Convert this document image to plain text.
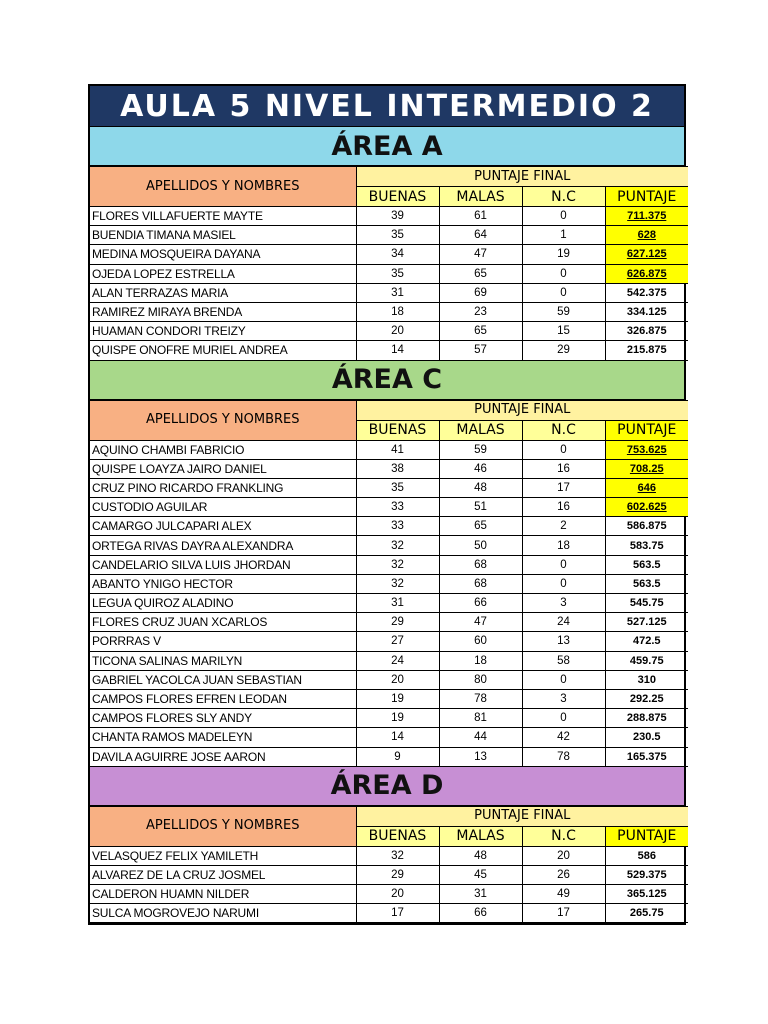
AULA 5 NIVEL INTERMEDIO 2
ÁREA A
APELLIDOS Y NOMBRES	PUNTAJE FINAL			
	BUENAS	MALAS	N.C	PUNTAJE
FLORES VILLAFUERTE MAYTE	39	61	0	711.375
BUENDIA TIMANA MASIEL	35	64	1	628
MEDINA MOSQUEIRA DAYANA	34	47	19	627.125
OJEDA LOPEZ ESTRELLA	35	65	0	626.875
ALAN TERRAZAS MARIA	31	69	0	542.375
RAMIREZ MIRAYA BRENDA	18	23	59	334.125
HUAMAN CONDORI TREIZY	20	65	15	326.875
QUISPE ONOFRE MURIEL ANDREA	14	57	29	215.875
ÁREA C
APELLIDOS Y NOMBRES	PUNTAJE FINAL			
	BUENAS	MALAS	N.C	PUNTAJE
AQUINO CHAMBI FABRICIO	41	59	0	753.625
QUISPE LOAYZA JAIRO DANIEL	38	46	16	708.25
CRUZ PINO RICARDO FRANKLING	35	48	17	646
CUSTODIO AGUILAR	33	51	16	602.625
CAMARGO JULCAPARI ALEX	33	65	2	586.875
ORTEGA RIVAS DAYRA ALEXANDRA	32	50	18	583.75
CANDELARIO SILVA LUIS JHORDAN	32	68	0	563.5
ABANTO YNIGO HECTOR	32	68	0	563.5
LEGUA QUIROZ ALADINO	31	66	3	545.75
FLORES CRUZ JUAN XCARLOS	29	47	24	527.125
PORRRAS V	27	60	13	472.5
TICONA SALINAS MARILYN	24	18	58	459.75
GABRIEL YACOLCA JUAN SEBASTIAN	20	80	0	310
CAMPOS FLORES EFREN LEODAN	19	78	3	292.25
CAMPOS FLORES SLY ANDY	19	81	0	288.875
CHANTA RAMOS MADELEYN	14	44	42	230.5
DAVILA AGUIRRE JOSE AARON	9	13	78	165.375
ÁREA D
APELLIDOS Y NOMBRES	PUNTAJE FINAL			
	BUENAS	MALAS	N.C	PUNTAJE
VELASQUEZ FELIX YAMILETH	32	48	20	586
ALVAREZ DE LA CRUZ JOSMEL	29	45	26	529.375
CALDERON HUAMN NILDER	20	31	49	365.125
SULCA MOGROVEJO NARUMI	17	66	17	265.75
